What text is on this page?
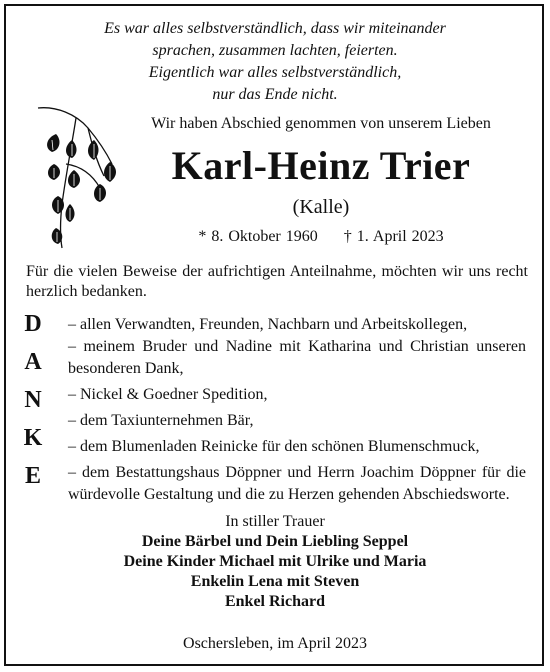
Es war alles selbstverständlich, dass wir miteinander
sprachen, zusammen lachten, feierten.
Eigentlich war alles selbstverständlich,
nur das Ende nicht.
Wir haben Abschied genommen von unserem Lieben
Karl-Heinz Trier
(Kalle)
* 8. Oktober 1960 † 1. April 2023
Für die vielen Beweise der aufrichtigen Anteilnahme, möchten wir uns recht herzlich bedanken.
D
A
N
K
E
– allen Verwandten, Freunden, Nachbarn und Arbeitskollegen,
– meinem Bruder und Nadine mit Katharina und Christian unseren besonderen Dank,
– Nickel & Goedner Spedition,
– dem Taxiunternehmen Bär,
– dem Blumenladen Reinicke für den schönen Blumenschmuck,
– dem Bestattungshaus Döppner und Herrn Joachim Döppner für die würdevolle Gestaltung und die zu Herzen gehenden Abschiedsworte.
In stiller Trauer
Deine Bärbel und Dein Liebling Seppel
Deine Kinder Michael mit Ulrike und Maria
Enkelin Lena mit Steven
Enkel Richard
Oschersleben, im April 2023
